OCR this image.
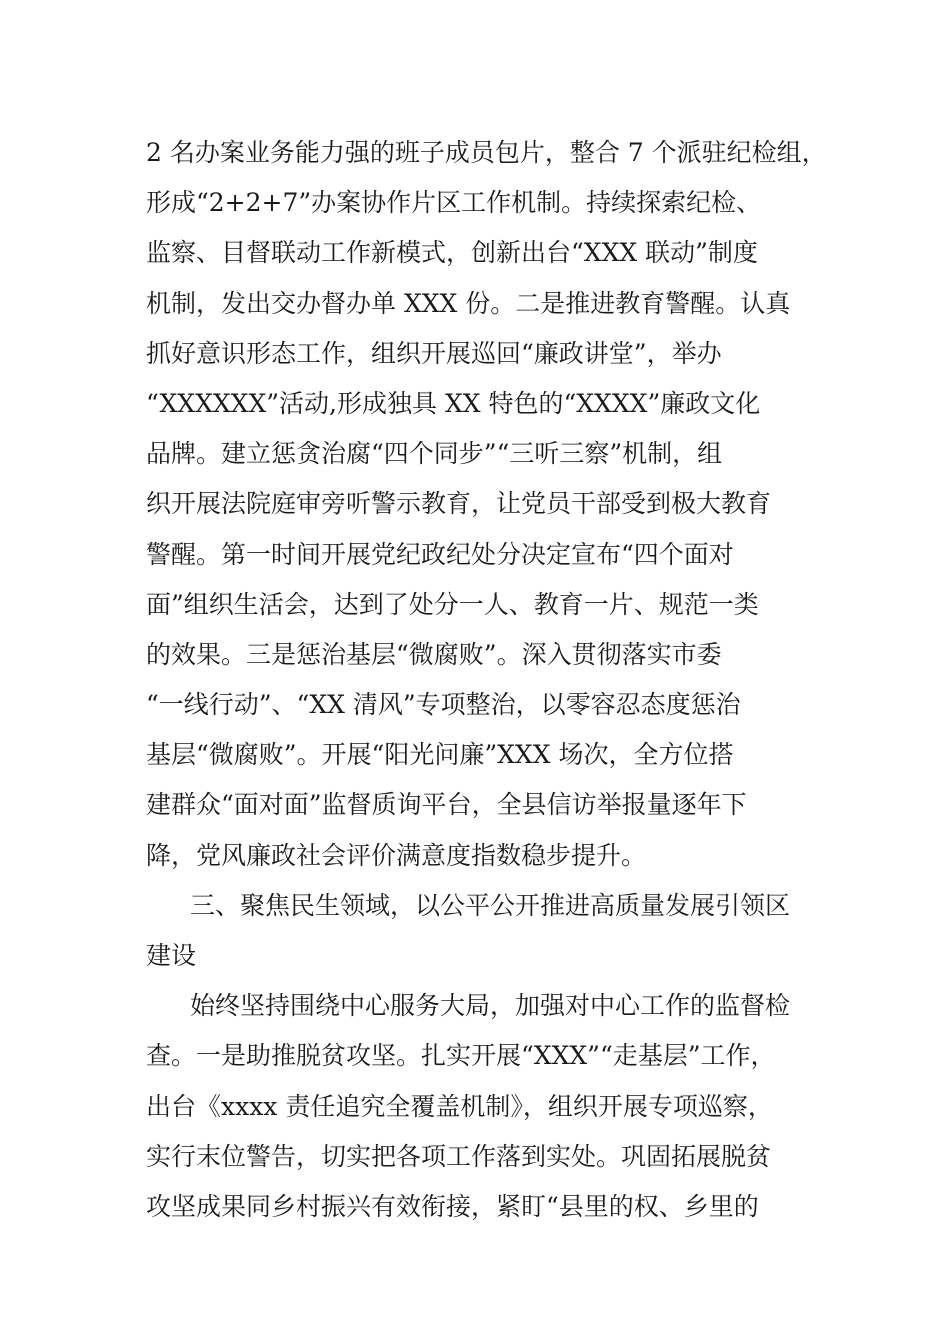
2 名办案业务能力强的班子成员包片，整合 7 个派驻纪检组，
形成“2+2+7”办案协作片区工作机制。持续探索纪检、
监察、目督联动工作新模式，创新出台“XXX 联动”制度
机制，发出交办督办单 XXX 份。二是推进教育警醒。认真
抓好意识形态工作，组织开展巡回“廉政讲堂”，举办
“XXXXXX”活动,形成独具 XX 特色的“XXXX”廉政文化
品牌。建立惩贪治腐“四个同步”“三听三察”机制，组
织开展法院庭审旁听警示教育，让党员干部受到极大教育
警醒。第一时间开展党纪政纪处分决定宣布“四个面对
面”组织生活会，达到了处分一人、教育一片、规范一类
的效果。三是惩治基层“微腐败”。深入贯彻落实市委
“一线行动”、“XX 清风”专项整治，以零容忍态度惩治
基层“微腐败”。开展“阳光问廉”XXX 场次，全方位搭
建群众“面对面”监督质询平台，全县信访举报量逐年下
降，党风廉政社会评价满意度指数稳步提升。
三、聚焦民生领域，以公平公开推进高质量发展引领区
建设
始终坚持围绕中心服务大局，加强对中心工作的监督检
查。一是助推脱贫攻坚。扎实开展“XXX”“走基层”工作，
出台《xxxx 责任追究全覆盖机制》，组织开展专项巡察，
实行末位警告，切实把各项工作落到实处。巩固拓展脱贫
攻坚成果同乡村振兴有效衔接，紧盯“县里的权、乡里的
